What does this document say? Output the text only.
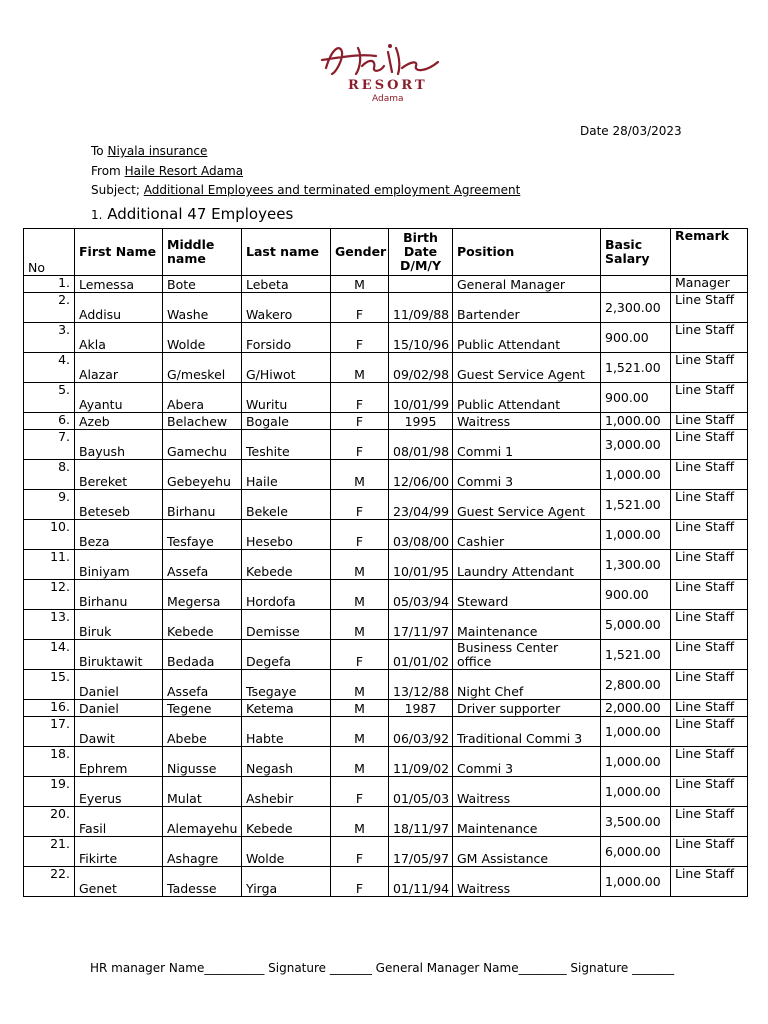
RESORT
Adama
Date 28/03/2023
To Niyala insurance
From Haile Resort Adama
Subject; Additional Employees and terminated employment Agreement
1. Additional 47 Employees
No	First Name	Middle name	Last name	Gender	Birth Date D/M/Y	Position	Basic Salary	Remark
1.	Lemessa	Bote	Lebeta	M		General Manager		Manager
2.	Addisu	Washe	Wakero	F	11/09/88	Bartender	2,300.00	Line Staff
3.	Akla	Wolde	Forsido	F	15/10/96	Public Attendant	900.00	Line Staff
4.	Alazar	G/meskel	G/Hiwot	M	09/02/98	Guest Service Agent	1,521.00	Line Staff
5.	Ayantu	Abera	Wuritu	F	10/01/99	Public Attendant	900.00	Line Staff
6.	Azeb	Belachew	Bogale	F	1995	Waitress	1,000.00	Line Staff
7.	Bayush	Gamechu	Teshite	F	08/01/98	Commi 1	3,000.00	Line Staff
8.	Bereket	Gebeyehu	Haile	M	12/06/00	Commi 3	1,000.00	Line Staff
9.	Beteseb	Birhanu	Bekele	F	23/04/99	Guest Service Agent	1,521.00	Line Staff
10.	Beza	Tesfaye	Hesebo	F	03/08/00	Cashier	1,000.00	Line Staff
11.	Biniyam	Assefa	Kebede	M	10/01/95	Laundry Attendant	1,300.00	Line Staff
12.	Birhanu	Megersa	Hordofa	M	05/03/94	Steward	900.00	Line Staff
13.	Biruk	Kebede	Demisse	M	17/11/97	Maintenance	5,000.00	Line Staff
14.	Biruktawit	Bedada	Degefa	F	01/01/02	Business Center office	1,521.00	Line Staff
15.	Daniel	Assefa	Tsegaye	M	13/12/88	Night Chef	2,800.00	Line Staff
16.	Daniel	Tegene	Ketema	M	1987	Driver supporter	2,000.00	Line Staff
17.	Dawit	Abebe	Habte	M	06/03/92	Traditional Commi 3	1,000.00	Line Staff
18.	Ephrem	Nigusse	Negash	M	11/09/02	Commi 3	1,000.00	Line Staff
19.	Eyerus	Mulat	Ashebir	F	01/05/03	Waitress	1,000.00	Line Staff
20.	Fasil	Alemayehu	Kebede	M	18/11/97	Maintenance	3,500.00	Line Staff
21.	Fikirte	Ashagre	Wolde	F	17/05/97	GM Assistance	6,000.00	Line Staff
22.	Genet	Tadesse	Yirga	F	01/11/94	Waitress	1,000.00	Line Staff
HR manager Name__________ Signature _______ General Manager Name________ Signature _______
